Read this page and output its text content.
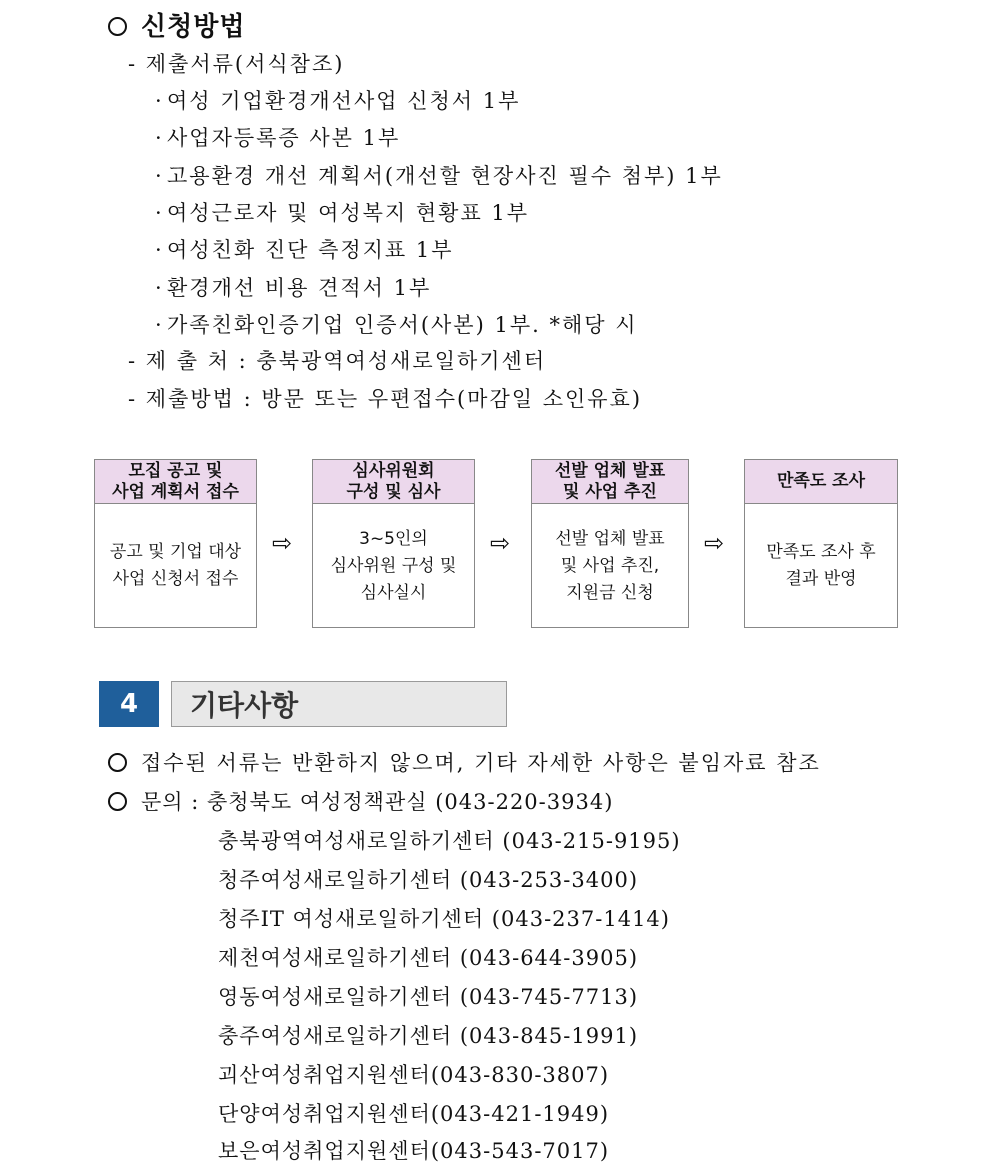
신청방법
- 제출서류(서식참조)
· 여성 기업환경개선사업 신청서 1부
· 사업자등록증 사본 1부
· 고용환경 개선 계획서(개선할 현장사진 필수 첨부) 1부
· 여성근로자 및 여성복지 현황표 1부
· 여성친화 진단 측정지표 1부
· 환경개선 비용 견적서 1부
· 가족친화인증기업 인증서(사본) 1부. *해당 시
- 제 출 처 : 충북광역여성새로일하기센터
- 제출방법 : 방문 또는 우편접수(마감일 소인유효)
모집 공고 및
사업 계획서 접수
공고 및 기업 대상
사업 신청서 접수
⇨
심사위원회
구성 및 심사
3~5인의
심사위원 구성 및
심사실시
⇨
선발 업체 발표
및 사업 추진
선발 업체 발표
및 사업 추진,
지원금 신청
⇨
만족도 조사
만족도 조사 후
결과 반영
4	기타사항
접수된 서류는 반환하지 않으며, 기타 자세한 사항은 붙임자료 참조
문의 : 충청북도 여성정책관실 (043-220-3934)
충북광역여성새로일하기센터 (043-215-9195)
청주여성새로일하기센터 (043-253-3400)
청주IT 여성새로일하기센터 (043-237-1414)
제천여성새로일하기센터 (043-644-3905)
영동여성새로일하기센터 (043-745-7713)
충주여성새로일하기센터 (043-845-1991)
괴산여성취업지원센터(043-830-3807)
단양여성취업지원센터(043-421-1949)
보은여성취업지원센터(043-543-7017)
